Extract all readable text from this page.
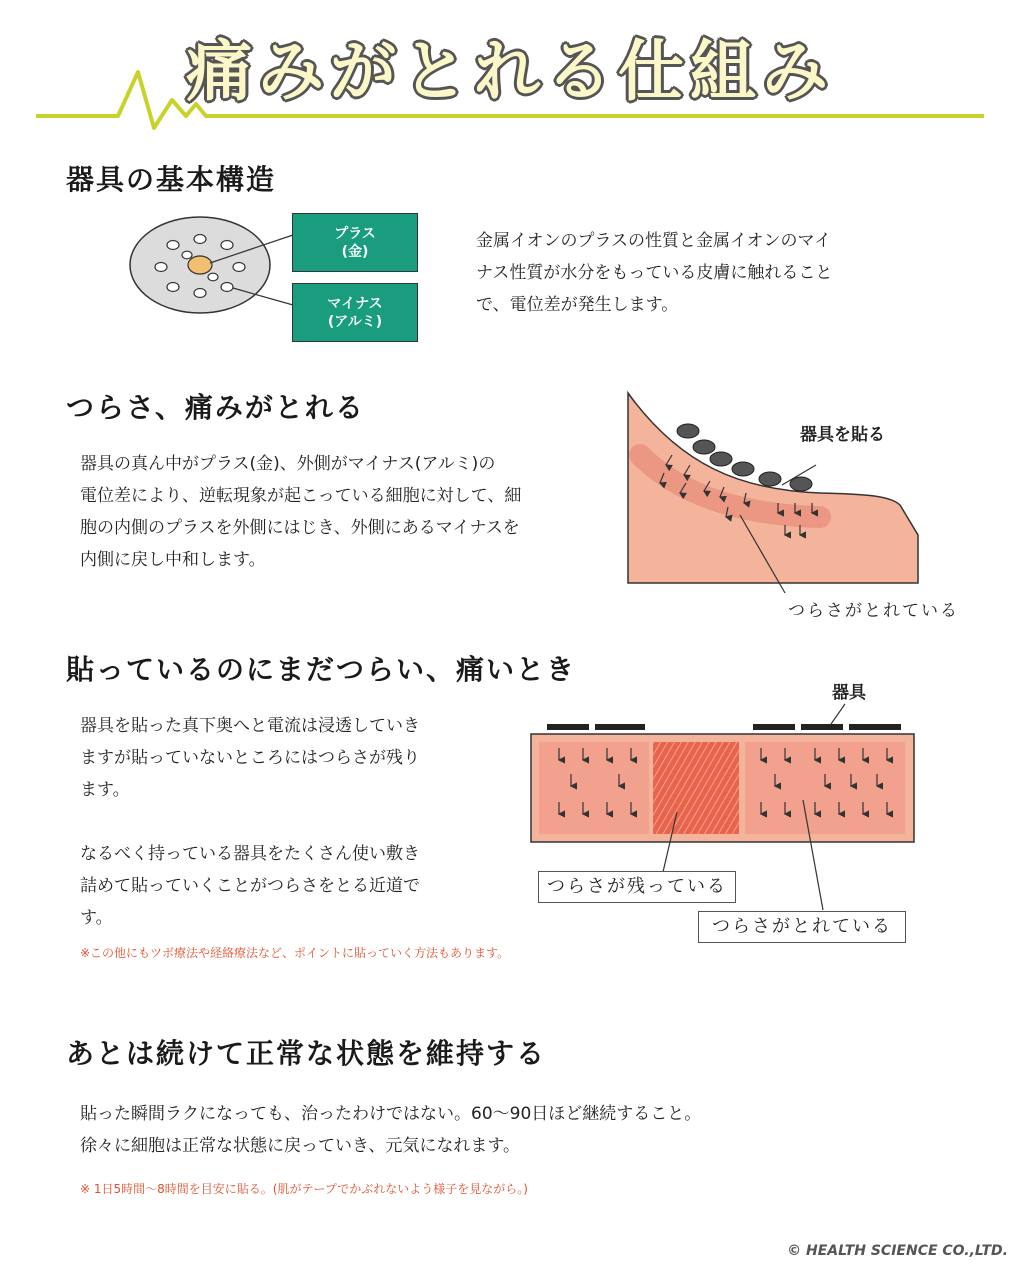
痛みがとれる仕組み
器具の基本構造
プラス
(金)
マイナス
(アルミ)
金属イオンのプラスの性質と金属イオンのマイ
ナス性質が水分をもっている皮膚に触れること
で、電位差が発生します。
つらさ、痛みがとれる
器具の真ん中がプラス(金)、外側がマイナス(アルミ)の
電位差により、逆転現象が起こっている細胞に対して、細
胞の内側のプラスを外側にはじき、外側にあるマイナスを
内側に戻し中和します。
器具を貼る
つらさがとれている
貼っているのにまだつらい、痛いとき
器具を貼った真下奥へと電流は浸透していき
ますが貼っていないところにはつらさが残り
ます。
なるべく持っている器具をたくさん使い敷き
詰めて貼っていくことがつらさをとる近道で
す。
※この他にもツボ療法や経絡療法など、ポイントに貼っていく方法もあります。
器具
つらさが残っている
つらさがとれている
あとは続けて正常な状態を維持する
貼った瞬間ラクになっても、治ったわけではない。60〜90日ほど継続すること。
徐々に細胞は正常な状態に戻っていき、元気になれます。
※ 1日5時間〜8時間を目安に貼る。(肌がテープでかぶれないよう様子を見ながら。)
© HEALTH SCIENCE CO.,LTD.
